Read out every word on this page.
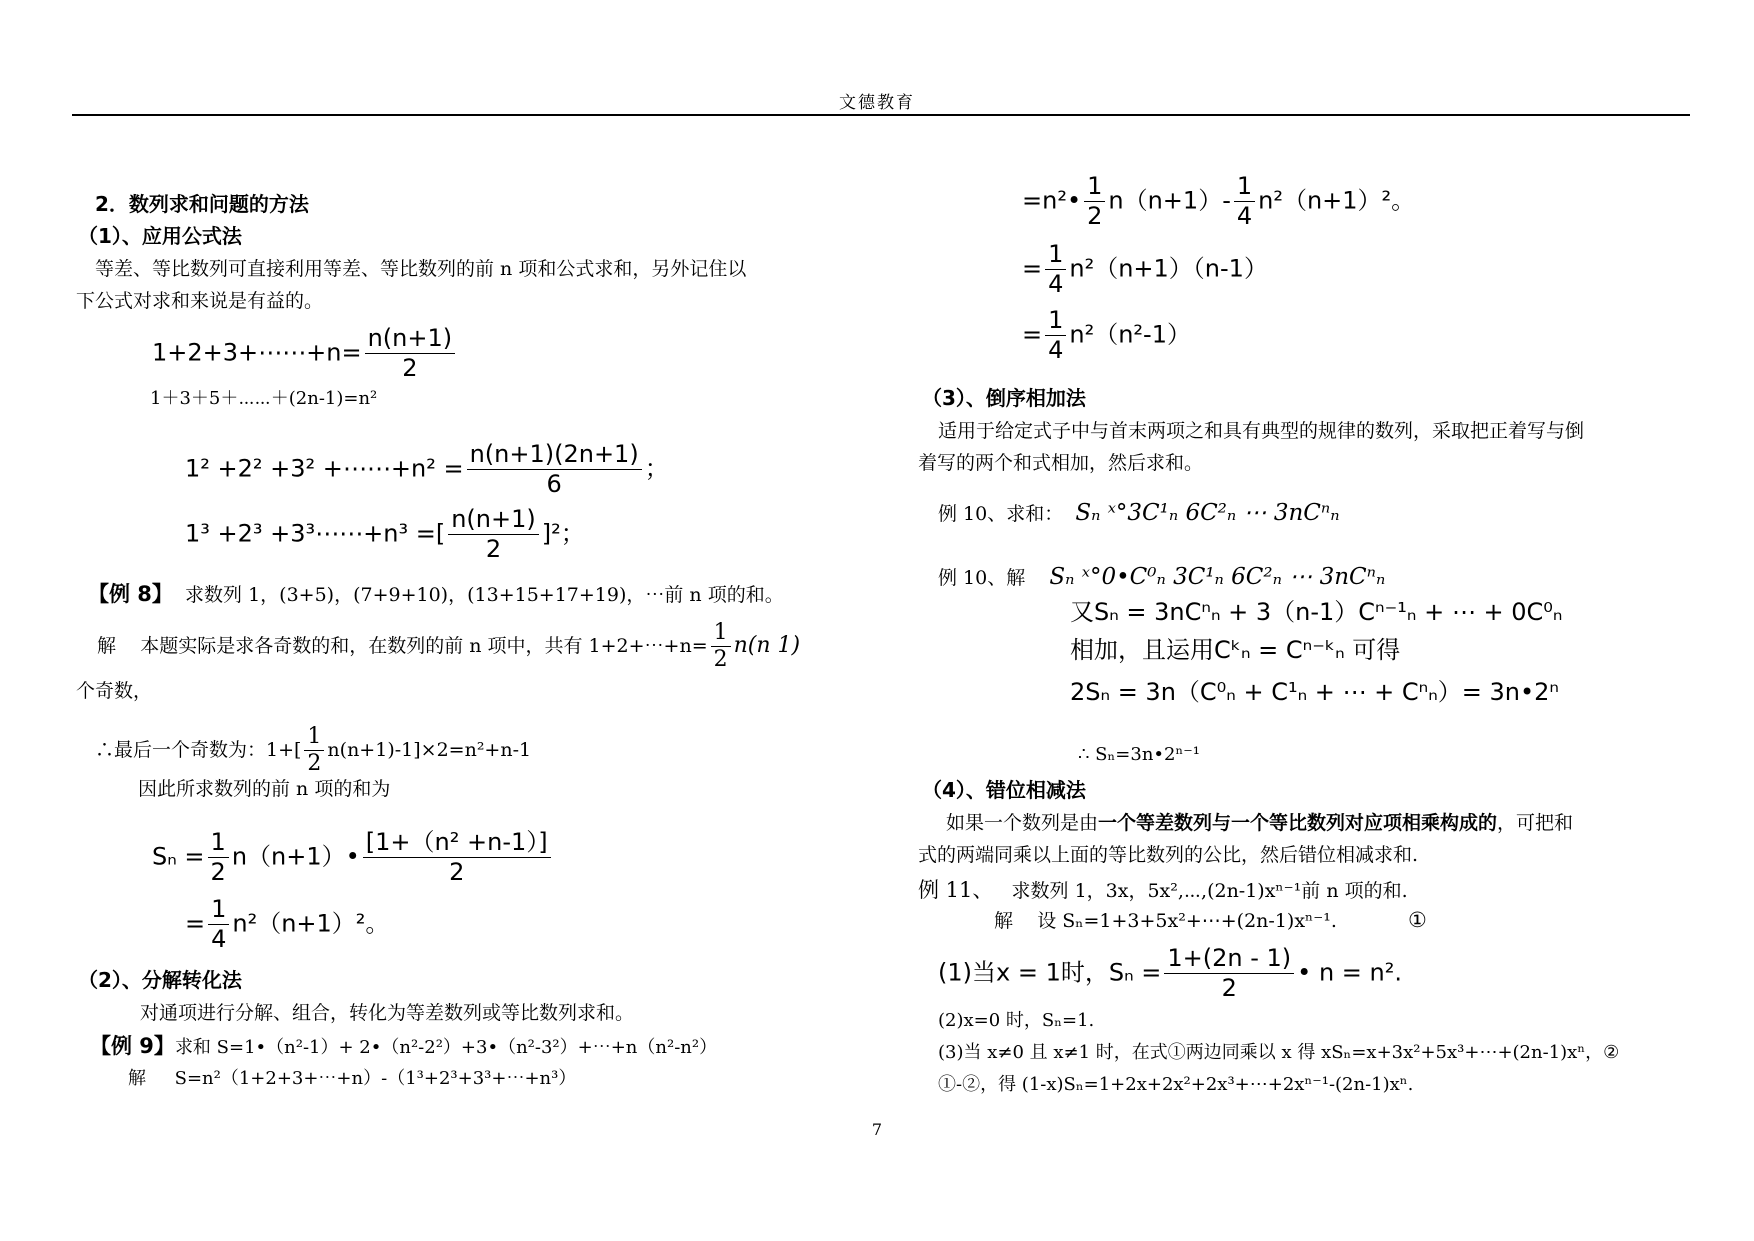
文德教育
2．数列求和问题的方法
（1）、应用公式法
等差、等比数列可直接利用等差、等比数列的前 n 项和公式求和，另外记住以
下公式对求和来说是有益的。
1+2+3+⋯⋯+n= $\frac{n(n+1)}{2}$
1＋3＋5＋⋯⋯＋(2n-1)=n²
1² +2² +3² +⋯⋯+n² = $\frac{n(n+1)(2n+1)}{6}$ ；
1³ +2³ +3³⋯⋯+n³ =[ $\frac{n(n+1)}{2} ]^2$；
【例 8】 求数列 1，(3+5)，(7+9+10)，(13+15+17+19)，⋯前 n 项的和。
解 本题实际是求各奇数的和，在数列的前 n 项中，共有 1+2+⋯+n= $\frac{1}{2} n(n$ 1)
个奇数，
∴最后一个奇数为：$1+[ \frac{1}{2} n(n+1)-1]\times 2=n^2+n-1$
因此所求数列的前 n 项的和为
$S_n = \frac{1}{2}$ n（n+1）• $\frac{\text{[1+（n² +n-1）]}}{2}$
= $\frac{1}{4} n^2(n+1)^2$。
（2）、分解转化法
对通项进行分解、组合，转化为等差数列或等比数列求和。
【例 9】求和 S=1•（n²-1）+ 2•（n²-2²）+3•（n²-3²）+⋯+n（n²-n²）
解 S=n²（1+2+3+⋯+n）-（1³+2³+3³+⋯+n³）
=n²• $\frac{1}{2} n(n+1)- \frac{1}{4} n^2(n+1)^2$。
= $\frac{1}{4} n^2(n+1)(n-1)$
= $\frac{1}{4} n^2(n^2-1)$
（3）、倒序相加法
适用于给定式子中与首末两项之和具有典型的规律的数列，采取把正着写与倒
着写的两个和式相加，然后求和。
例 10、求和： Sₙ ˣ°3C¹ₙ 6C²ₙ ⋯ 3nCⁿₙ
例 10、解 Sₙ ˣ°0•C⁰ₙ 3C¹ₙ 6C²ₙ ⋯ 3nCⁿₙ
又Sₙ = 3nCⁿₙ + 3（n-1）Cⁿ⁻¹ₙ + ⋯ + 0C⁰ₙ
相加，且运用Cᵏₙ = Cⁿ⁻ᵏₙ 可得
2Sₙ = 3n（C⁰ₙ + C¹ₙ + ⋯ + Cⁿₙ）= 3n•2ⁿ
∴ Sₙ=3n•2ⁿ⁻¹
（4）、错位相减法
如果一个数列是由一个等差数列与一个等比数列对应项相乘构成的，可把和
式的两端同乘以上面的等比数列的公比，然后错位相减求和.
例 11、 求数列 1，3x，5x²,⋯,(2n-1)xⁿ⁻¹前 n 项的和.
解 设 Sₙ=1+3+5x²+⋯+(2n-1)xⁿ⁻¹.	①
(1)当x = 1时，$S_n = \frac{1+(2n - 1)}{2}$ • n = n².
(2)x=0 时，Sₙ=1.
(3)当 x≠0 且 x≠1 时，在式①两边同乘以 x 得 xSₙ=x+3x²+5x³+⋯+(2n-1)xⁿ，②
①-②，得 (1-x)Sₙ=1+2x+2x²+2x³+⋯+2xⁿ⁻¹-(2n-1)xⁿ.
7
